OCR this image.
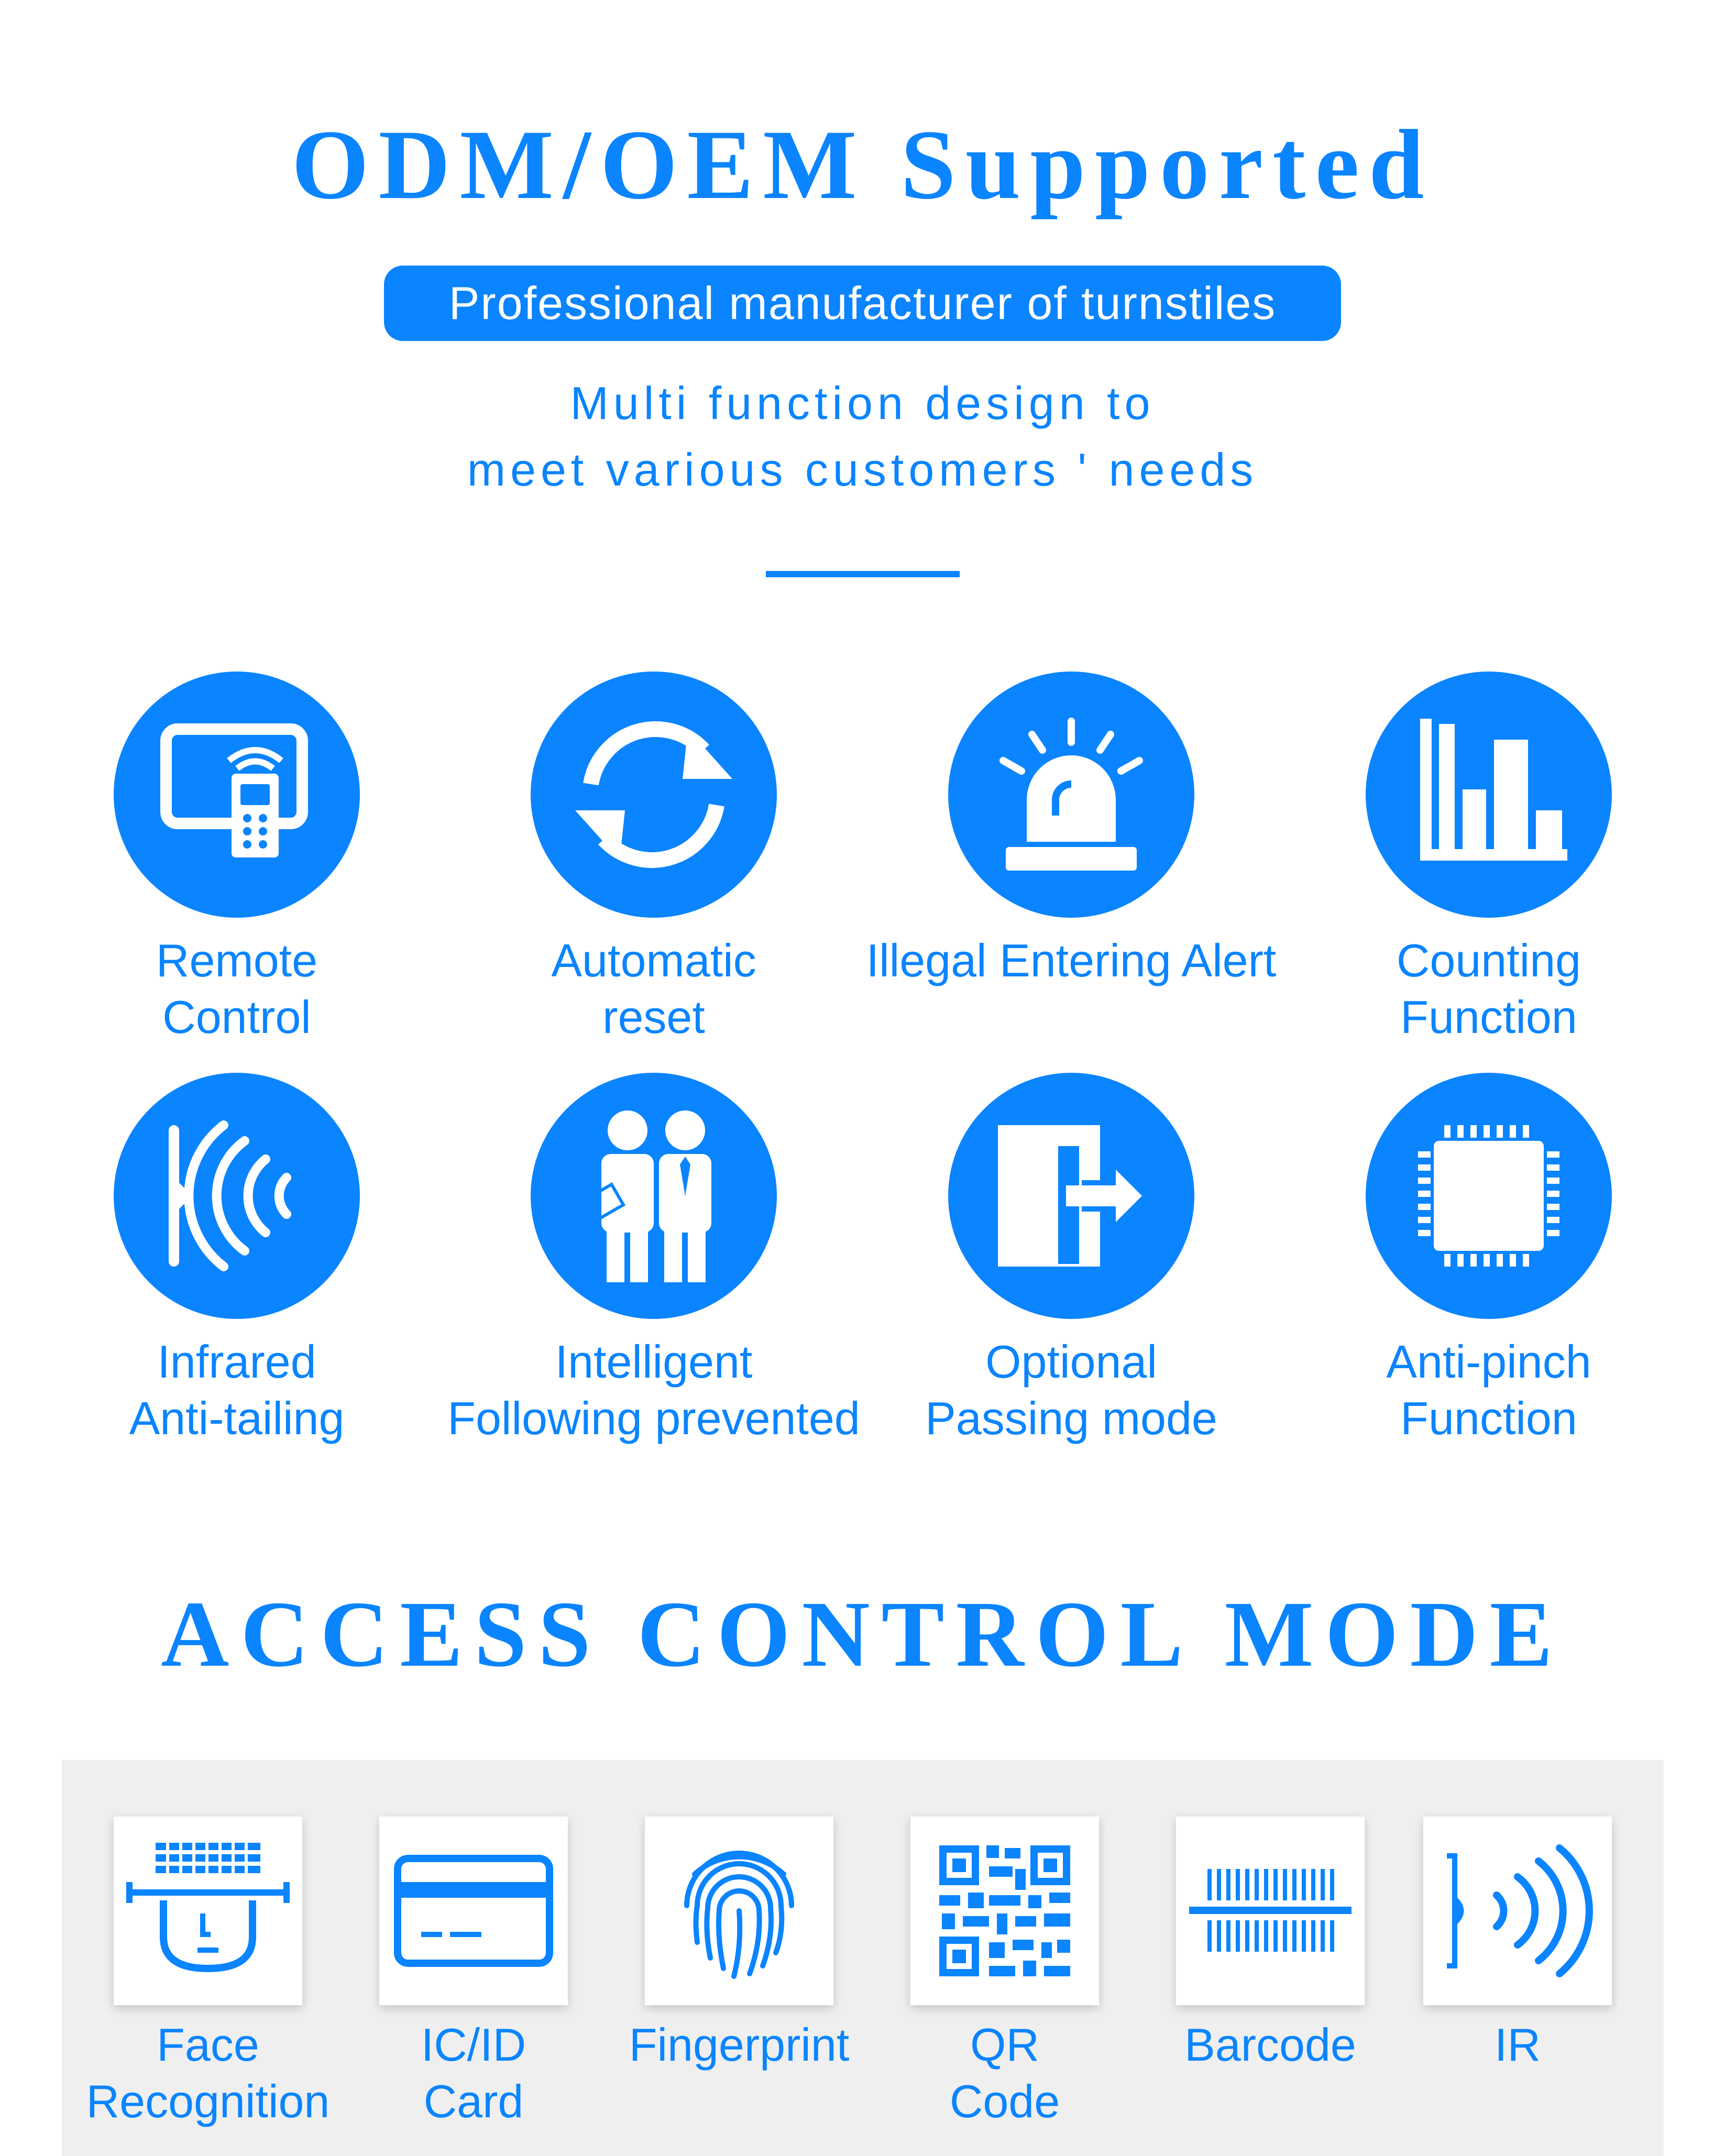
ODM/OEM Supported
Professional manufacturer of turnstiles
Multi function design to
meet various customers ' needs
Remote
Control
Automatic
reset
Illegal Entering Alert	Counting
Function
Infrared
Anti-tailing
Intelligent
Following prevented
Optional
Passing mode
Anti-pinch
Function
ACCESS CONTROL MODE
Face
Recognition
IC/ID
Card
Fingerprint	QR
Code
Barcode	IR
